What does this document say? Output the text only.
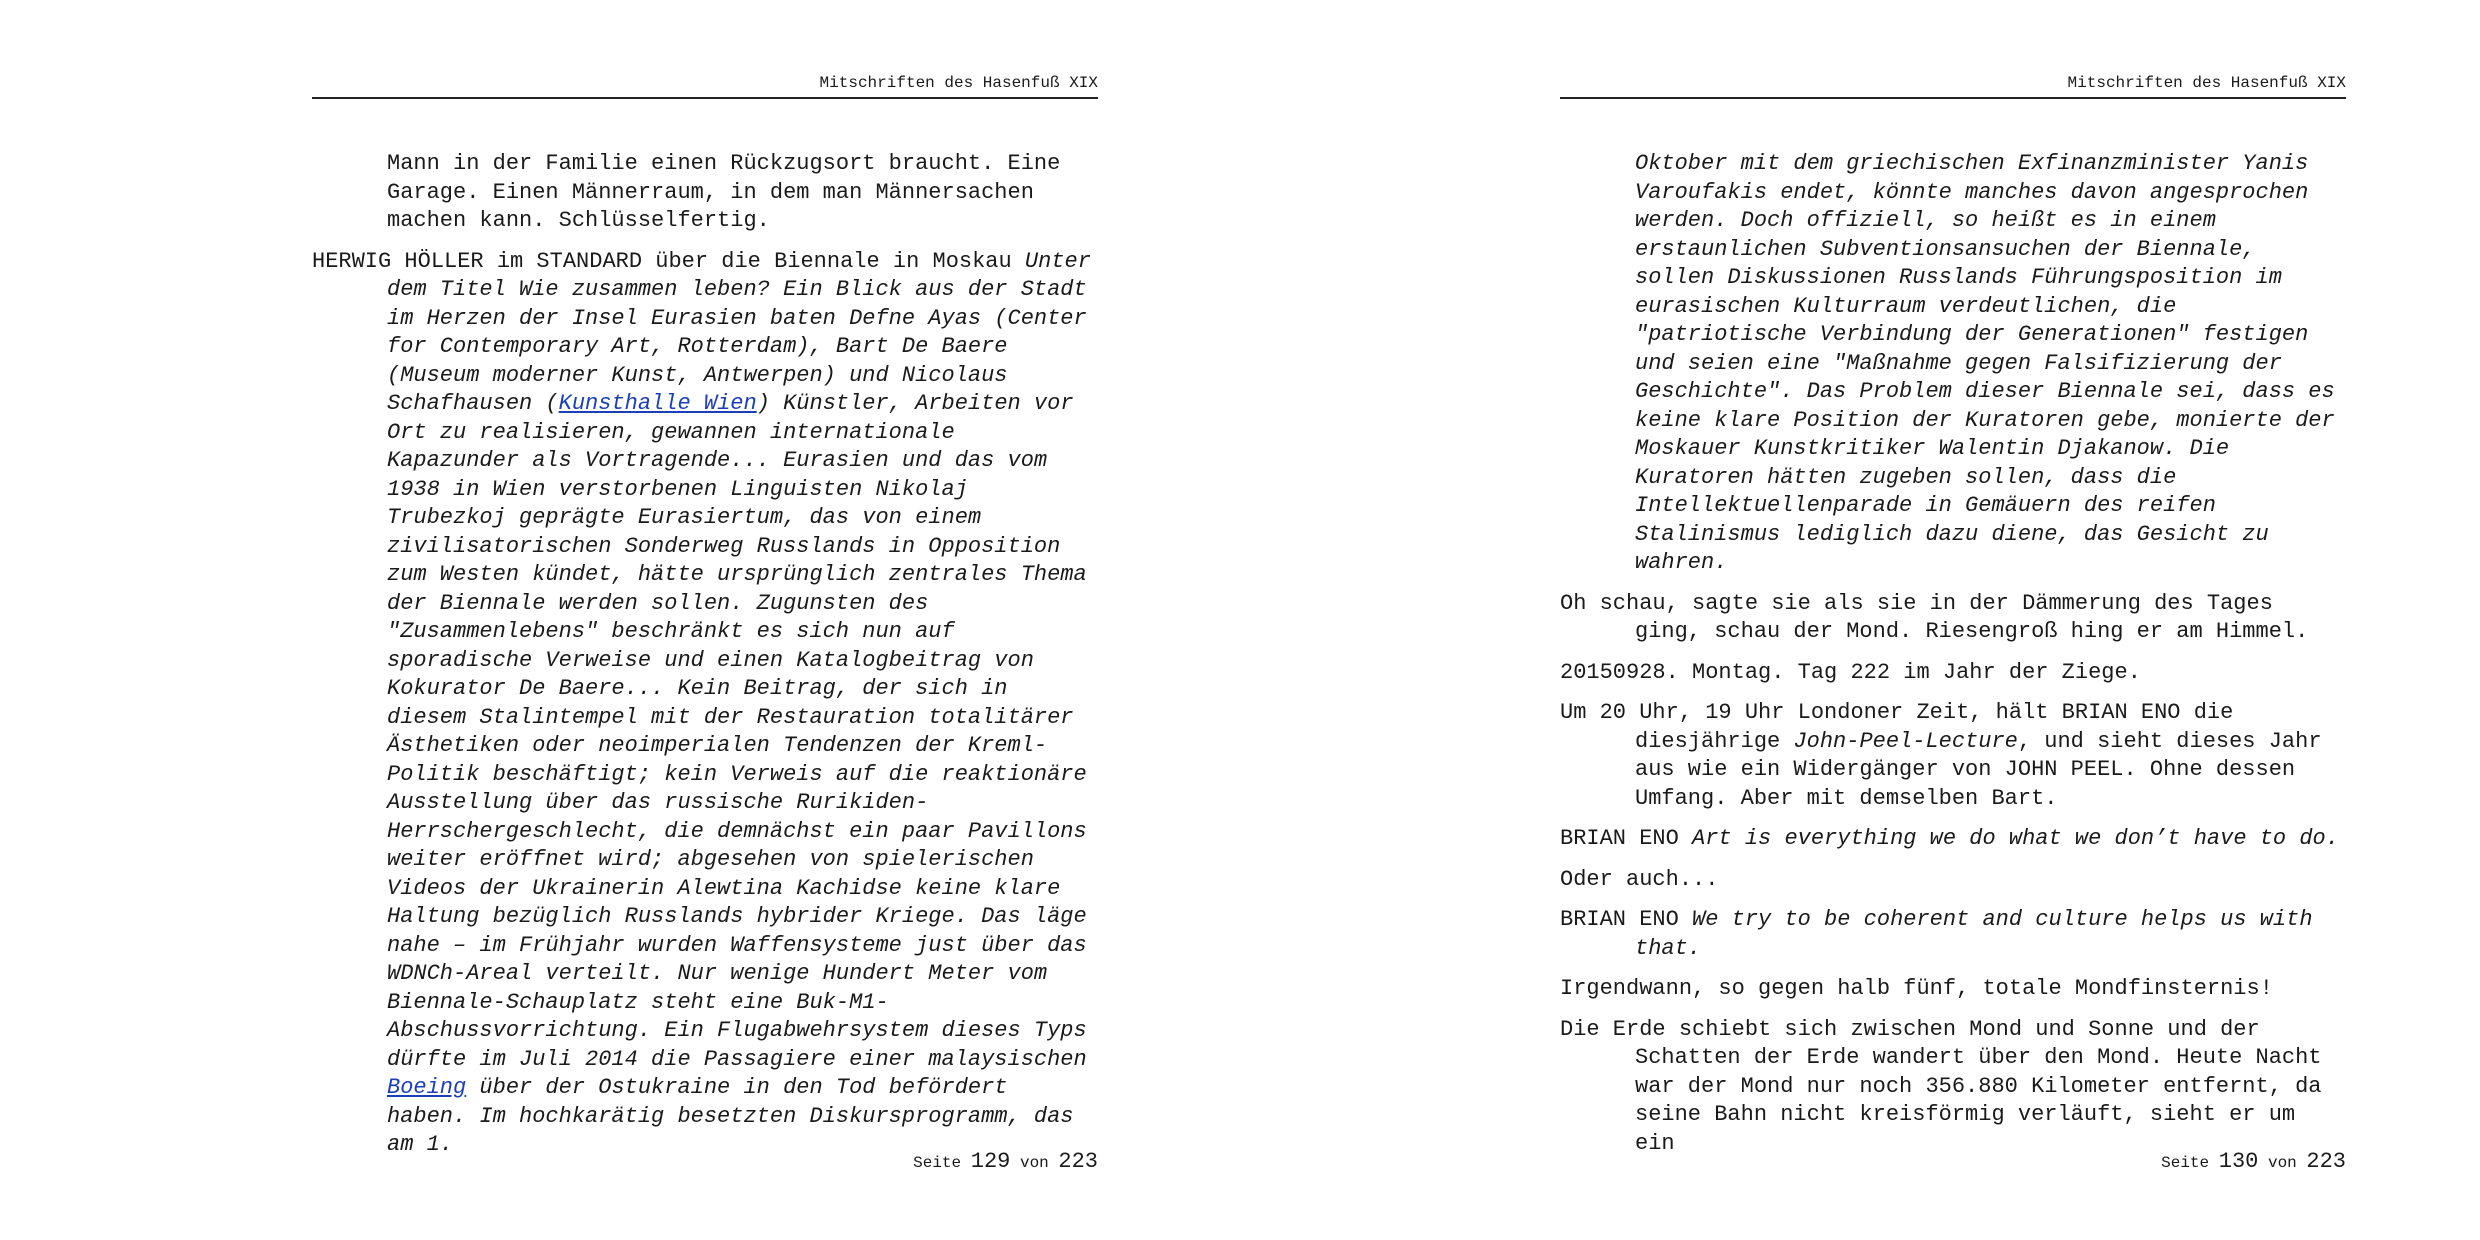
Mitschriften des Hasenfuß XIX

Mann in der Familie einen Rückzugsort braucht. Eine Garage. Einen Männerraum, in dem man Männersachen machen kann. Schlüsselfertig.

HERWIG HÖLLER im STANDARD über die Biennale in Moskau Unter dem Titel Wie zusammen leben? Ein Blick aus der Stadt im Herzen der Insel Eurasien baten Defne Ayas (Center for Contemporary Art, Rotterdam), Bart De Baere (Museum moderner Kunst, Antwerpen) und Nicolaus Schafhausen (Kunsthalle Wien) Künstler, Arbeiten vor Ort zu realisieren, gewannen internationale Kapazunder als Vortragende... Eurasien und das vom 1938 in Wien verstorbenen Linguisten Nikolaj Trubezkoj geprägte Eurasiertum, das von einem zivilisatorischen Sonderweg Russlands in Opposition zum Westen kündet, hätte ursprünglich zentrales Thema der Biennale werden sollen. Zugunsten des "Zusammenlebens" beschränkt es sich nun auf sporadische Verweise und einen Katalogbeitrag von Kokurator De Baere... Kein Beitrag, der sich in diesem Stalintempel mit der Restauration totalitärer Ästhetiken oder neoimperialen Tendenzen der Kreml-Politik beschäftigt; kein Verweis auf die reaktionäre Ausstellung über das russische Rurikiden-Herrschergeschlecht, die demnächst ein paar Pavillons weiter eröffnet wird; abgesehen von spielerischen Videos der Ukrainerin Alewtina Kachidse keine klare Haltung bezüglich Russlands hybrider Kriege. Das läge nahe – im Frühjahr wurden Waffensysteme just über das WDNCh-Areal verteilt. Nur wenige Hundert Meter vom Biennale-Schauplatz steht eine Buk-M1-Abschussvorrichtung. Ein Flugabwehrsystem dieses Typs dürfte im Juli 2014 die Passagiere einer malaysischen Boeing über der Ostukraine in den Tod befördert haben. Im hochkarätig besetzten Diskursprogramm, das am 1.

Seite 129 von 223
Mitschriften des Hasenfuß XIX

Oktober mit dem griechischen Exfinanzminister Yanis Varoufakis endet, könnte manches davon angesprochen werden. Doch offiziell, so heißt es in einem erstaunlichen Subventionsansuchen der Biennale, sollen Diskussionen Russlands Führungsposition im eurasischen Kulturraum verdeutlichen, die "patriotische Verbindung der Generationen" festigen und seien eine "Maßnahme gegen Falsifizierung der Geschichte". Das Problem dieser Biennale sei, dass es keine klare Position der Kuratoren gebe, monierte der Moskauer Kunstkritiker Walentin Djakanow. Die Kuratoren hätten zugeben sollen, dass die Intellektuellenparade in Gemäuern des reifen Stalinismus lediglich dazu diene, das Gesicht zu wahren.

Oh schau, sagte sie als sie in der Dämmerung des Tages ging, schau der Mond. Riesengroß hing er am Himmel.

20150928. Montag. Tag 222 im Jahr der Ziege.

Um 20 Uhr, 19 Uhr Londoner Zeit, hält BRIAN ENO die diesjährige John-Peel-Lecture, und sieht dieses Jahr aus wie ein Widergänger von JOHN PEEL. Ohne dessen Umfang. Aber mit demselben Bart.

BRIAN ENO Art is everything we do what we don’t have to do.

Oder auch...

BRIAN ENO We try to be coherent and culture helps us with that.

Irgendwann, so gegen halb fünf, totale Mondfinsternis!

Die Erde schiebt sich zwischen Mond und Sonne und der Schatten der Erde wandert über den Mond. Heute Nacht war der Mond nur noch 356.880 Kilometer entfernt, da seine Bahn nicht kreisförmig verläuft, sieht er um ein

Seite 130 von 223
